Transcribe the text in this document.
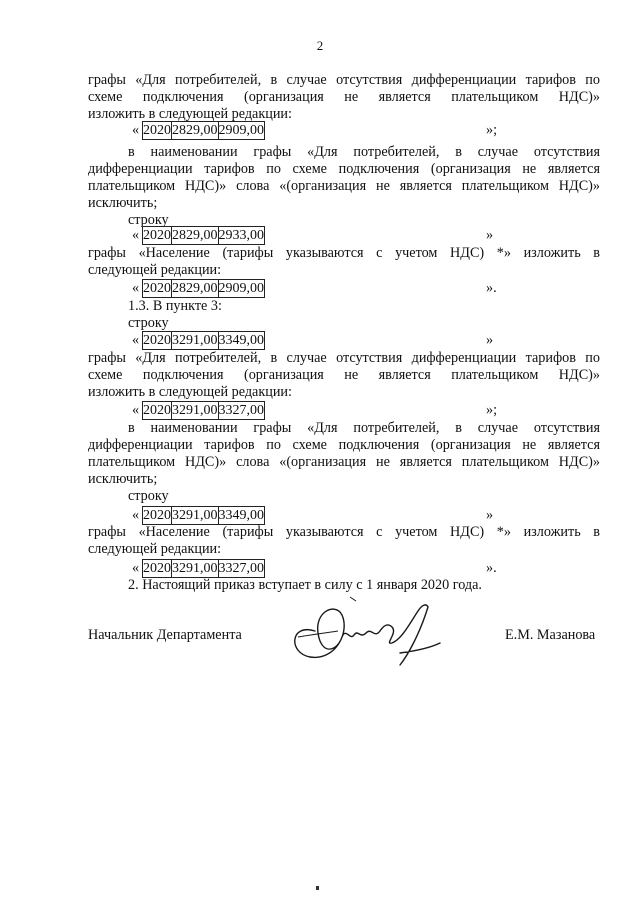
2
графы «Для потребителей, в случае отсутствия дифференциации тарифов по
схеме подключения (организация не является плательщиком НДС)»
изложить в следующей редакции:
« 2020	2829,00	2909,00	»;
в наименовании графы «Для потребителей, в случае отсутствия
дифференциации тарифов по схеме подключения (организация не является
плательщиком НДС)» слова «(организация не является плательщиком НДС)»
исключить;
строку
« 2020	2829,00	2933,00	»
графы «Население (тарифы указываются с учетом НДС) *» изложить в
следующей редакции:
« 2020	2829,00	2909,00	».
1.3. В пункте 3:
строку
« 2020	3291,00	3349,00	»
графы «Для потребителей, в случае отсутствия дифференциации тарифов по
схеме подключения (организация не является плательщиком НДС)»
изложить в следующей редакции:
« 2020	3291,00	3327,00	»;
в наименовании графы «Для потребителей, в случае отсутствия
дифференциации тарифов по схеме подключения (организация не является
плательщиком НДС)» слова «(организация не является плательщиком НДС)»
исключить;
строку
« 2020	3291,00	3349,00	»
графы «Население (тарифы указываются с учетом НДС) *» изложить в
следующей редакции:
« 2020	3291,00	3327,00	».
2. Настоящий приказ вступает в силу с 1 января 2020 года.
Начальник Департамента	Е.М. Мазанова
